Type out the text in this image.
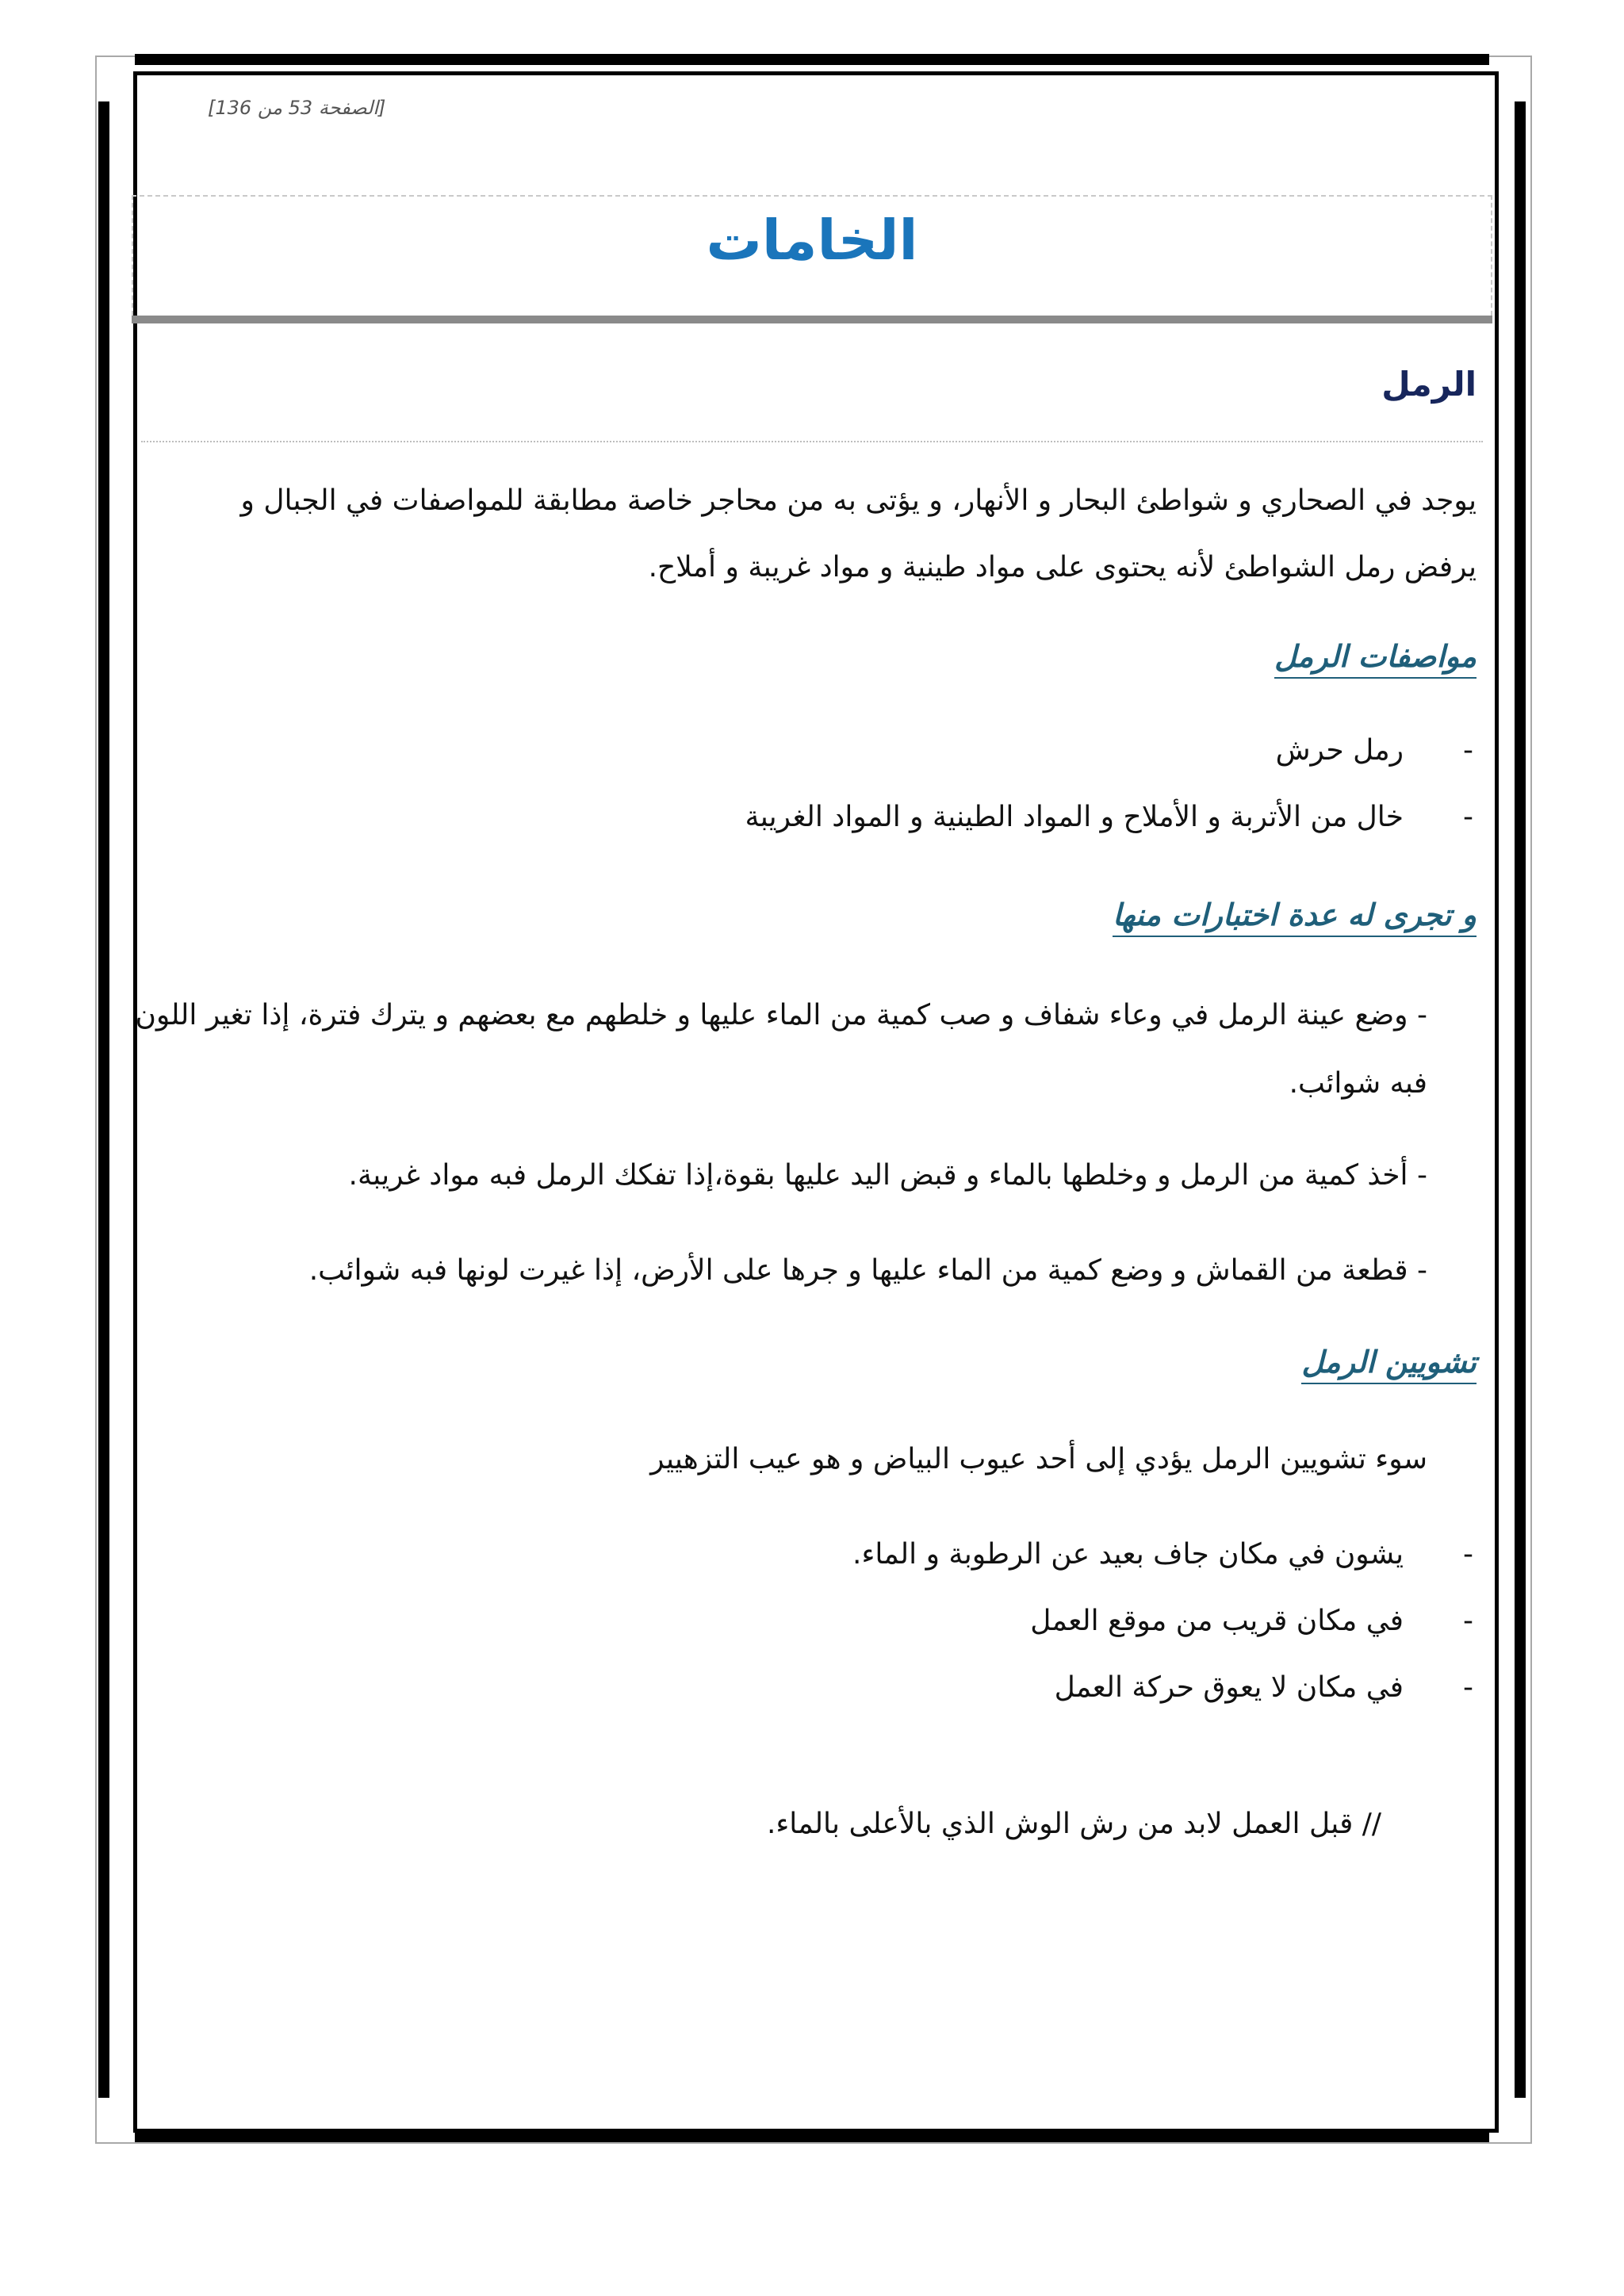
[الصفحة 53 من 136]
الخامات
الرمل
يوجد في الصحاري و شواطئ البحار و الأنهار، و يؤتى به من محاجر خاصة مطابقة للمواصفات في الجبال و يرفض رمل الشواطئ لأنه يحتوى على مواد طينية و مواد غريبة و أملاح.
مواصفات الرمل
-
رمل حرش
-
خال من الأتربة و الأملاح و المواد الطينية و المواد الغريبة
و تجرى له عدة اختبارات منها
- وضع عينة الرمل في وعاء شفاف و صب كمية من الماء عليها و خلطهم مع بعضهم و يترك فترة، إذا تغير اللون فبه شوائب.
- أخذ كمية من الرمل و وخلطها بالماء و قبض اليد عليها بقوة،إذا تفكك الرمل فبه مواد غريبة.
- قطعة من القماش و وضع كمية من الماء عليها و جرها على الأرض، إذا غيرت لونها فبه شوائب.
تشويين الرمل
سوء تشويين الرمل يؤدي إلى أحد عيوب البياض و هو عيب التزهيير
-
يشون في مكان جاف بعيد عن الرطوبة و الماء.
-
في مكان قريب من موقع العمل
-
في مكان لا يعوق حركة العمل
// قبل العمل لابد من رش الوش الذي بالأعلى بالماء.
